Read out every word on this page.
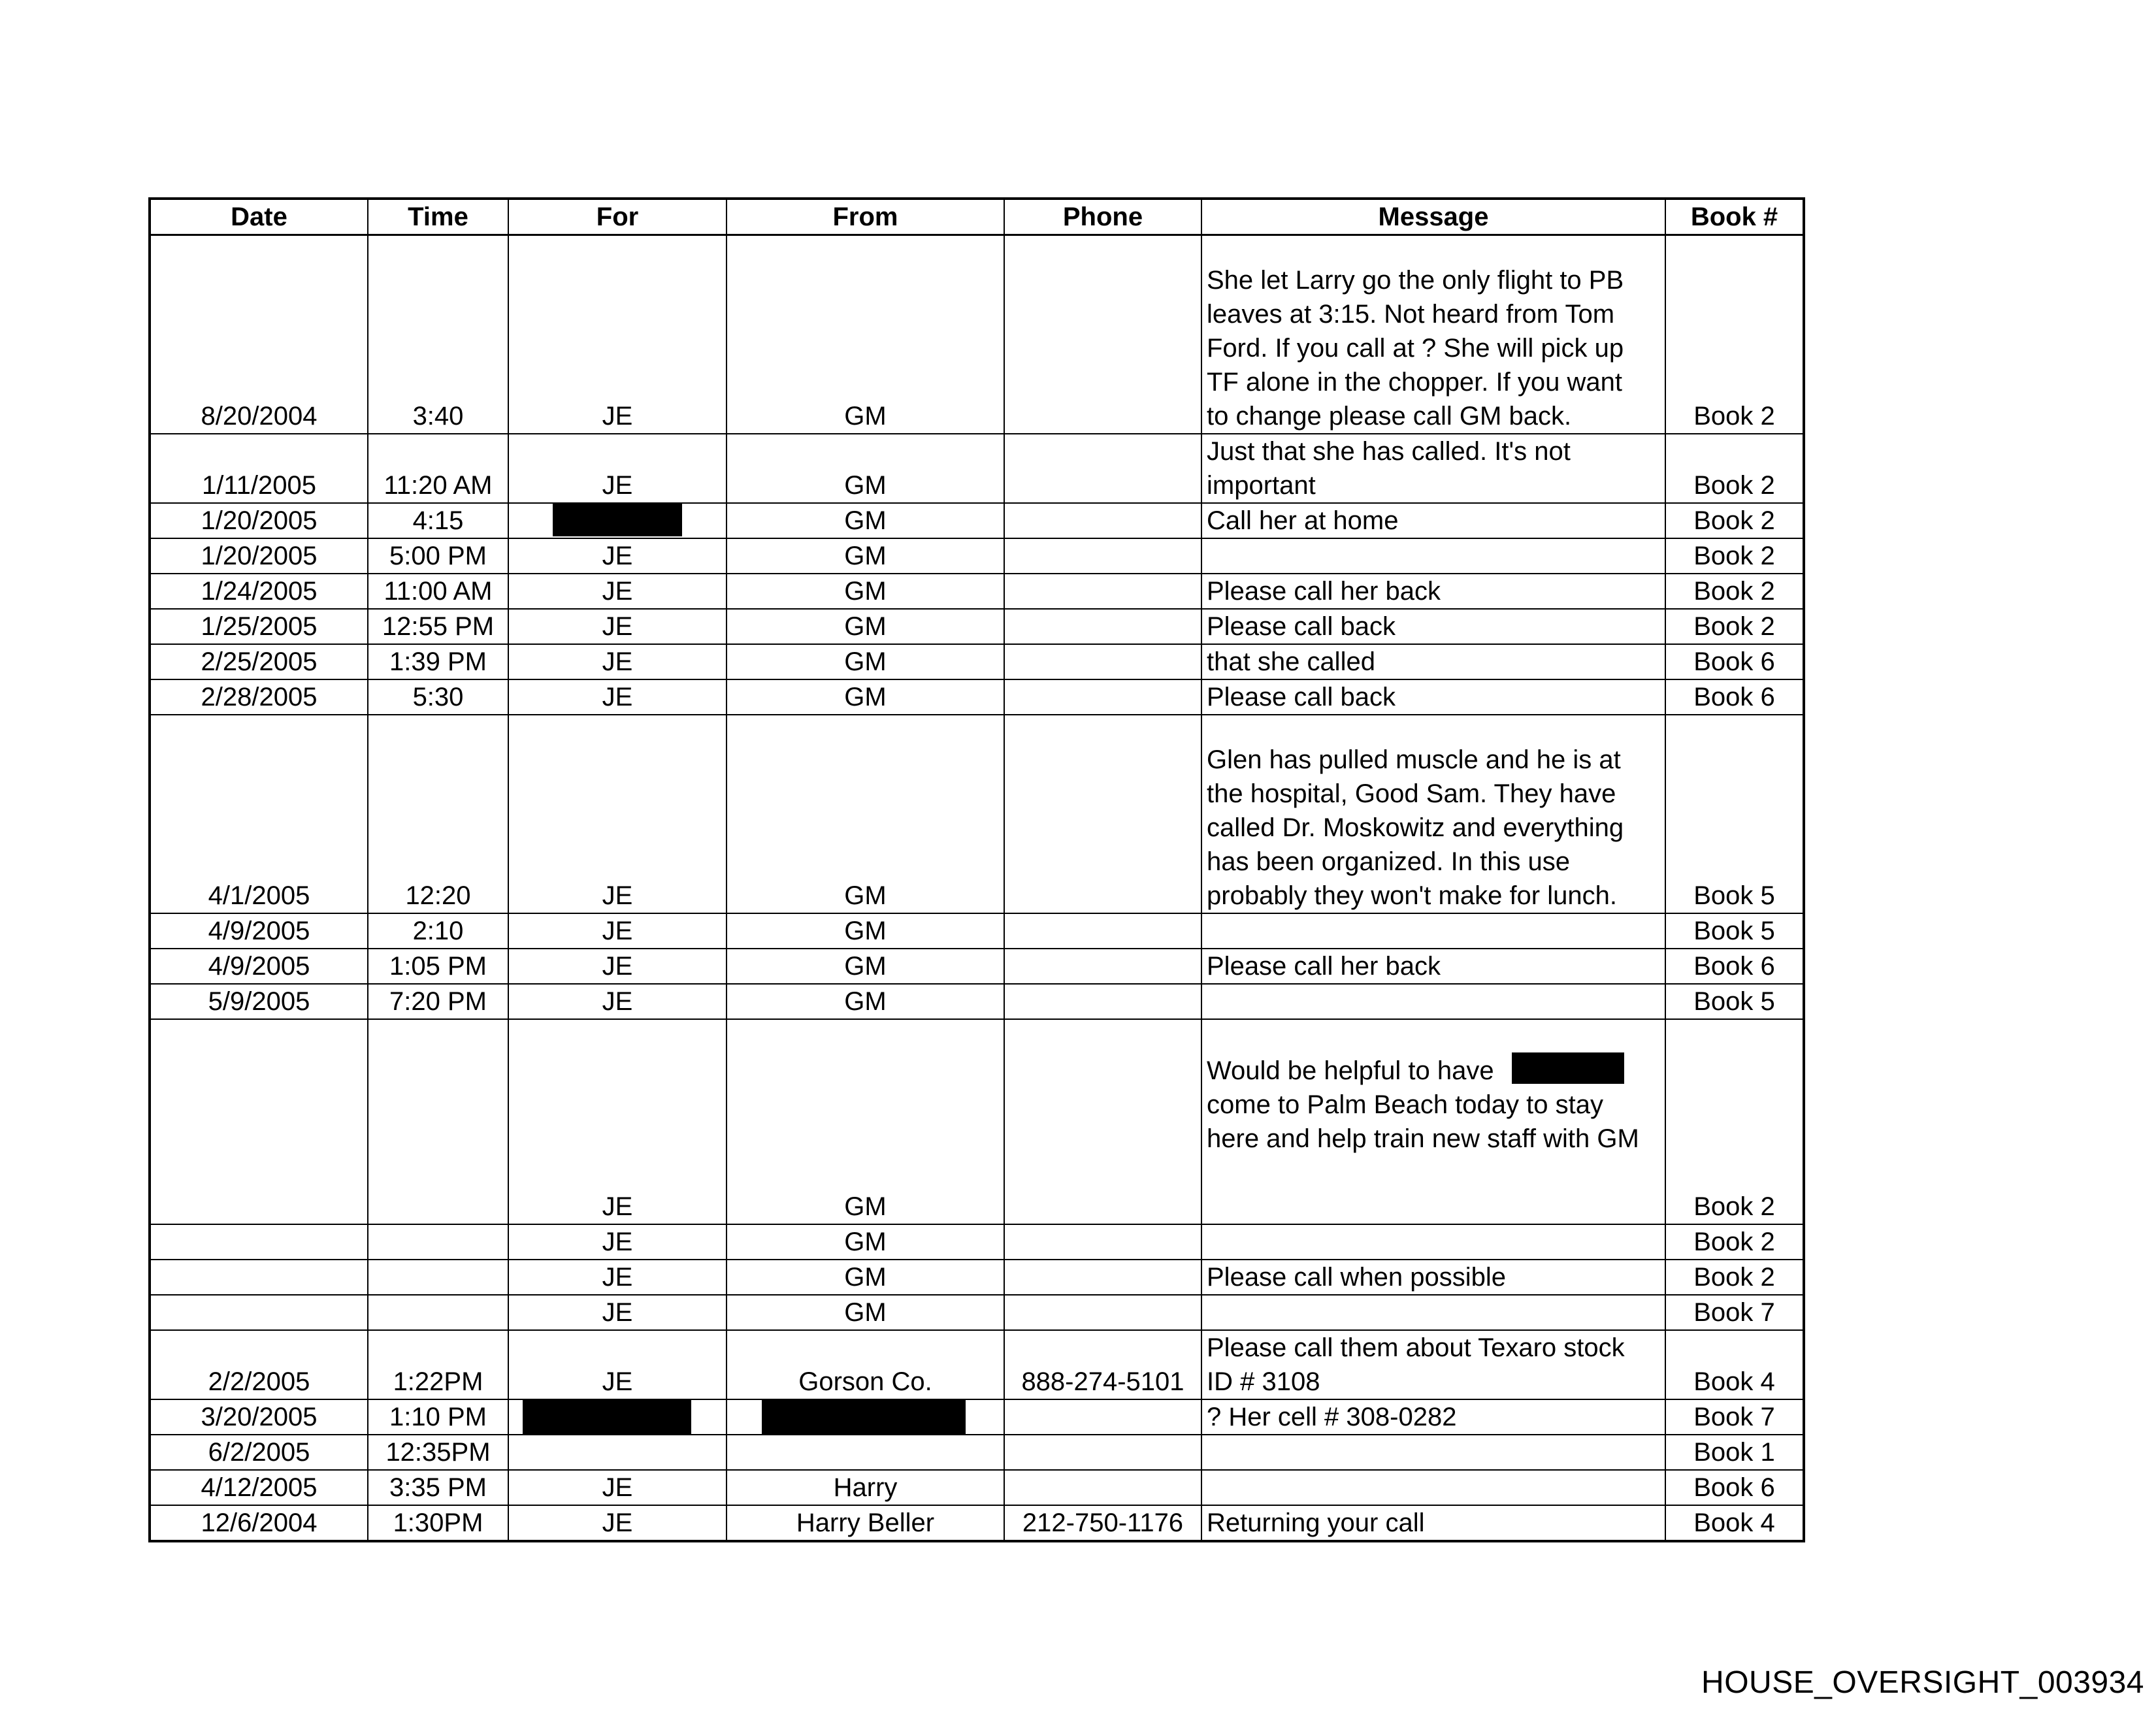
Date	Time	For	From	Phone	Message	Book #
8/20/2004	3:40	JE	GM		She let Larry go the only flight to PB
leaves at 3:15. Not heard from Tom
Ford. If you call at ? She will pick up
TF alone in the chopper. If you want
to change please call GM back.	Book 2
1/11/2005	11:20 AM	JE	GM		Just that she has called. It's not
important	Book 2
1/20/2005	4:15		GM		Call her at home	Book 2
1/20/2005	5:00 PM	JE	GM			Book 2
1/24/2005	11:00 AM	JE	GM		Please call her back	Book 2
1/25/2005	12:55 PM	JE	GM		Please call back	Book 2
2/25/2005	1:39 PM	JE	GM		that she called	Book 6
2/28/2005	5:30	JE	GM		Please call back	Book 6
4/1/2005	12:20	JE	GM		Glen has pulled muscle and he is at
the hospital, Good Sam. They have
called Dr. Moskowitz and everything
has been organized. In this use
probably they won't make for lunch.	Book 5
4/9/2005	2:10	JE	GM			Book 5
4/9/2005	1:05 PM	JE	GM		Please call her back	Book 6
5/9/2005	7:20 PM	JE	GM			Book 5
		JE	GM		Would be helpful to have
come to Palm Beach today to stay
here and help train new staff with GM	Book 2
		JE	GM			Book 2
		JE	GM		Please call when possible	Book 2
		JE	GM			Book 7
2/2/2005	1:22PM	JE	Gorson Co.	888-274-5101	Please call them about Texaro stock
ID # 3108	Book 4
3/20/2005	1:10 PM				? Her cell # 308-0282	Book 7
6/2/2005	12:35PM					Book 1
4/12/2005	3:35 PM	JE	Harry			Book 6
12/6/2004	1:30PM	JE	Harry Beller	212-750-1176	Returning your call	Book 4
HOUSE_OVERSIGHT_003934
